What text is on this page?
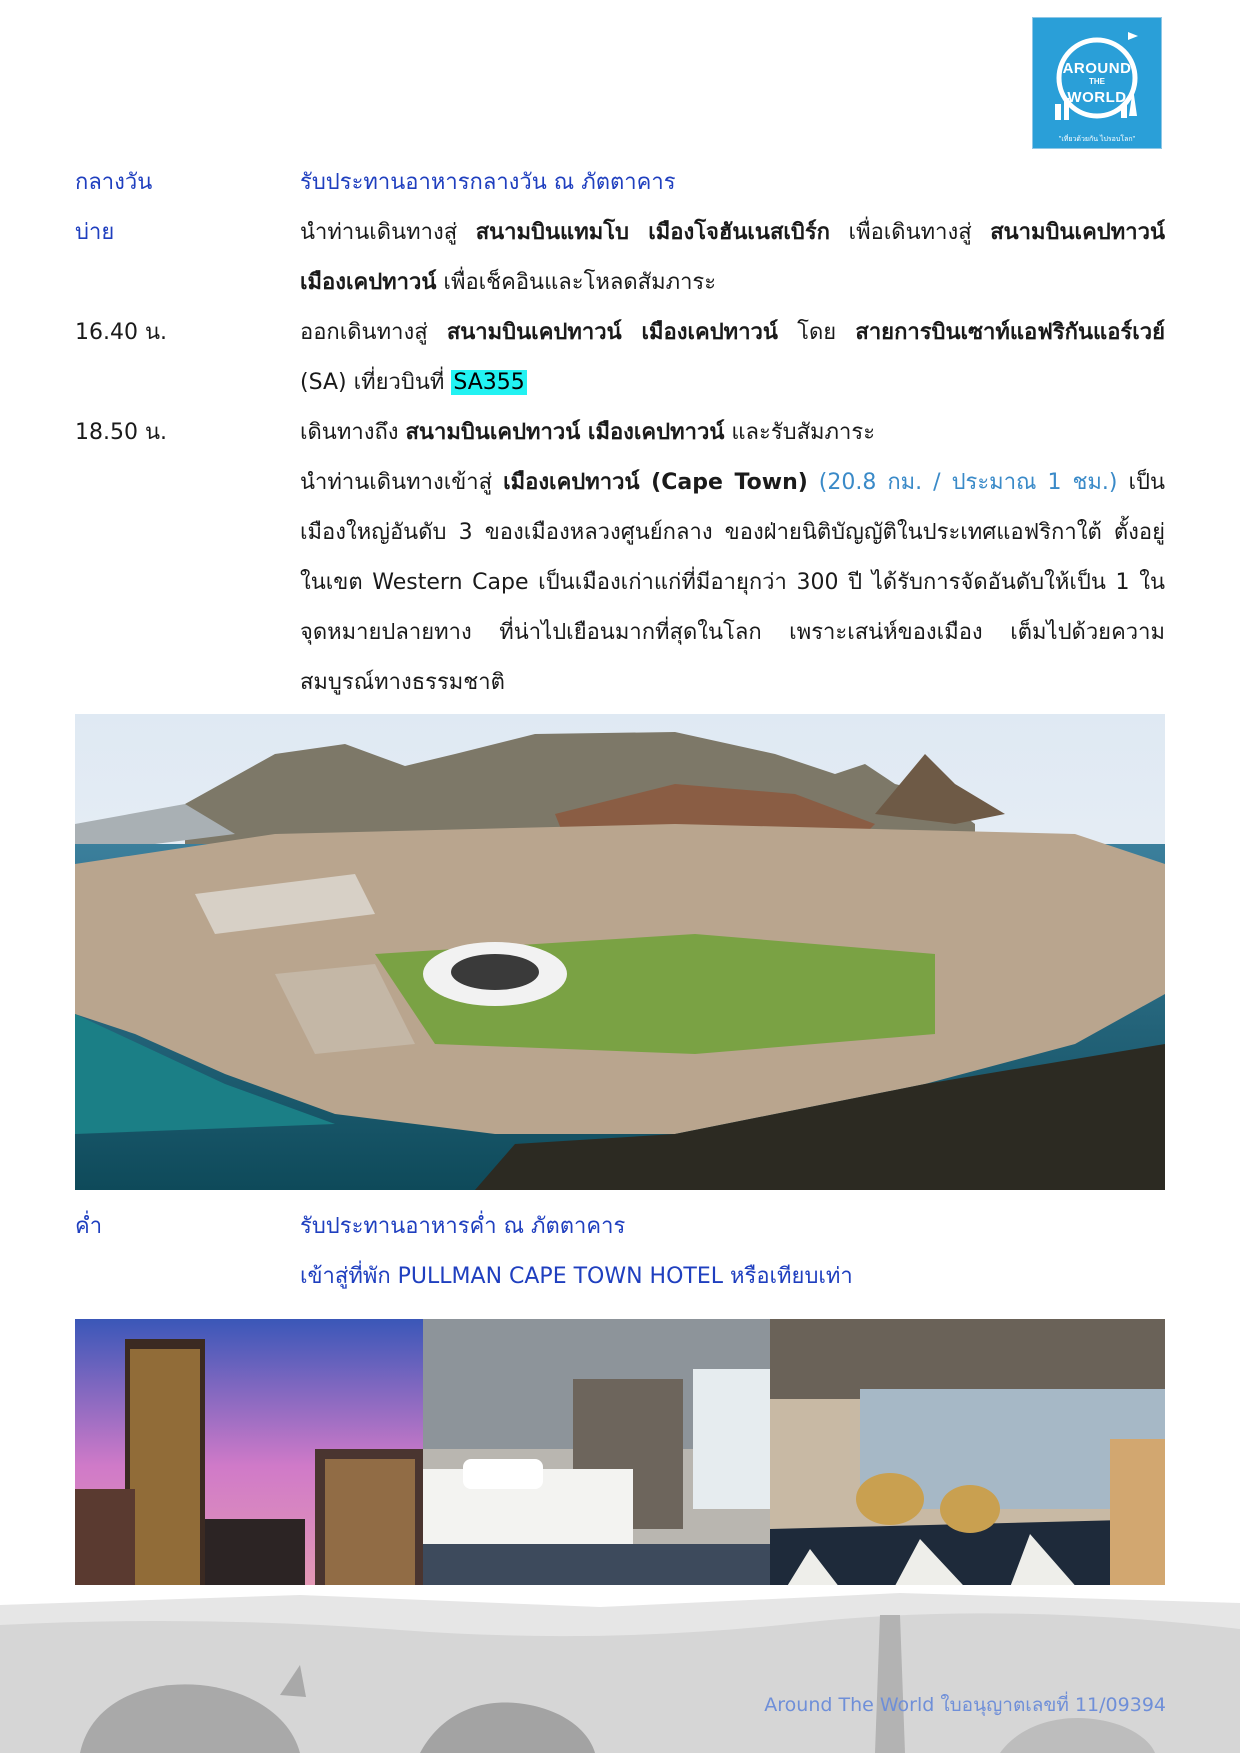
AROUND
THE
WORLD
"เที่ยวด้วยกัน ไปรอบโลก"
กลางวัน	รับประทานอาหารกลางวัน ณ ภัตตาคาร
บ่าย	นำท่านเดินทางสู่ สนามบินแทมโบ เมืองโจฮันเนสเบิร์ก เพื่อเดินทางสู่ สนามบินเคปทาวน์ เมืองเคปทาวน์ เพื่อเช็คอินและโหลดสัมภาระ
16.40 น.	ออกเดินทางสู่ สนามบินเคปทาวน์ เมืองเคปทาวน์ โดย สายการบินเซาท์แอฟริกันแอร์เวย์ (SA) เที่ยวบินที่ SA355
18.50 น.	เดินทางถึง สนามบินเคปทาวน์ เมืองเคปทาวน์ และรับสัมภาระ
นำท่านเดินทางเข้าสู่ เมืองเคปทาวน์ (Cape Town) (20.8 กม. / ประมาณ 1 ชม.) เป็นเมืองใหญ่อันดับ 3 ของเมืองหลวงศูนย์กลาง ของฝ่ายนิติบัญญัติในประเทศแอฟริกาใต้ ตั้งอยู่ในเขต Western Cape เป็นเมืองเก่าแก่ที่มีอายุกว่า 300 ปี ได้รับการจัดอันดับให้เป็น 1 ในจุดหมายปลายทาง ที่น่าไปเยือนมากที่สุดในโลก เพราะเสน่ห์ของเมือง เต็มไปด้วยความสมบูรณ์ทางธรรมชาติ
ค่ำ	รับประทานอาหารค่ำ ณ ภัตตาคาร
เข้าสู่ที่พัก PULLMAN CAPE TOWN HOTEL หรือเทียบเท่า
Around The World ใบอนุญาตเลขที่ 11/09394
